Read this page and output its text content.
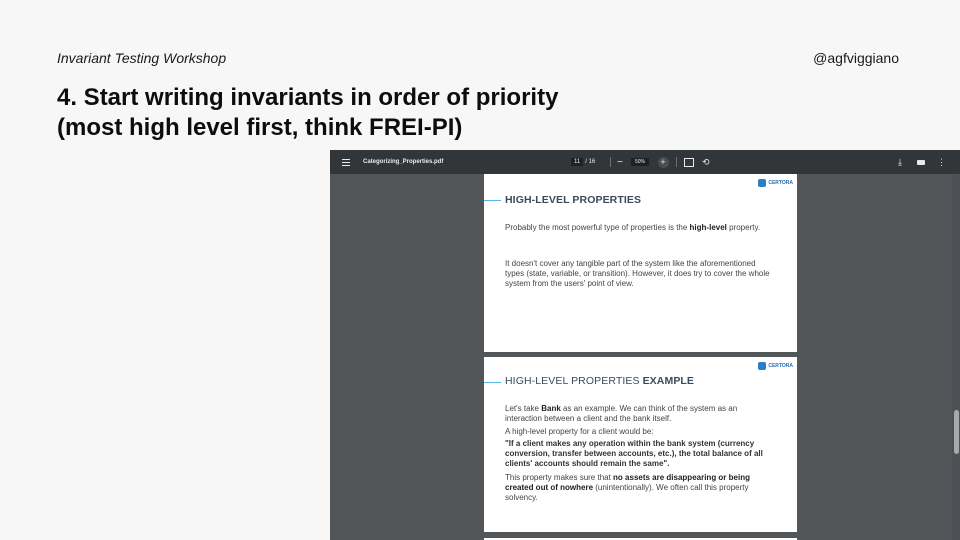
Invariant Testing Workshop	@agfviggiano
4. Start writing invariants in order of priority
(most high level first, think FREI-PI)
Categorizing_Properties.pdf	11 /
16 −	50%	+	⟲	⤓	⋮
CERTORA
HIGH-LEVEL PROPERTIES

Probably the most powerful type of properties is the high-level property.

It doesn't cover any tangible part of the system like the aforementioned types (state, variable, or transition). However, it does try to cover the whole system from the users' point of view.

CERTORA
HIGH-LEVEL PROPERTIES EXAMPLE

Let's take Bank as an example. We can think of the system as an interaction between a client and the bank itself.

A high-level property for a client would be:

"If a client makes any operation within the bank system (currency conversion, transfer between accounts, etc.), the total balance of all clients' accounts should remain the same".

This property makes sure that no assets are disappearing or being created out of nowhere (unintentionally). We often call this property solvency.
